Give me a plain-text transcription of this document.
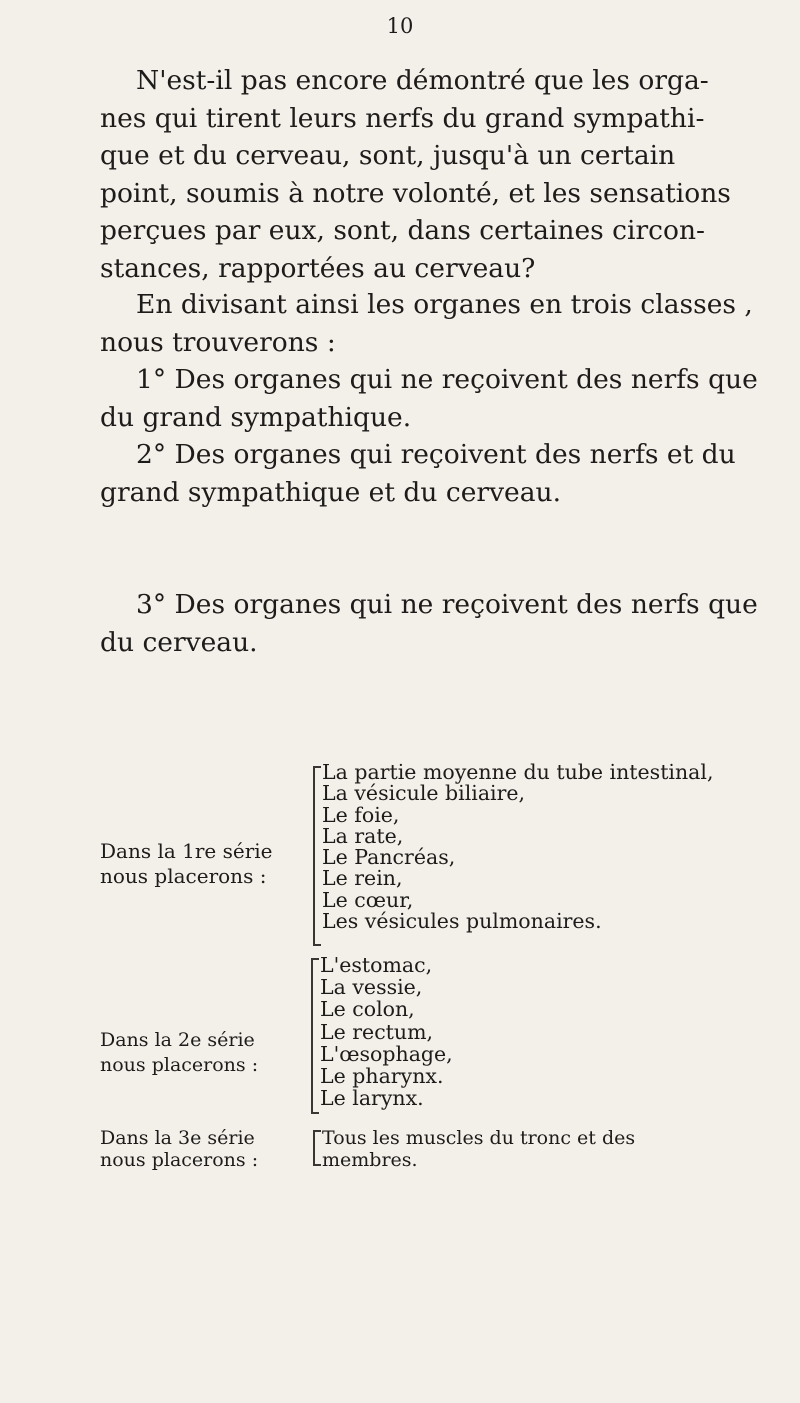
10
N'est-il pas encore démontré que les orga-
nes qui tirent leurs nerfs du grand sympathi-
que et du cerveau, sont, jusqu'à un certain
point, soumis à notre volonté, et les sensations
perçues par eux, sont, dans certaines circon-
stances, rapportées au cerveau?
En divisant ainsi les organes en trois classes ,
nous trouverons :
1° Des organes qui ne reçoivent des nerfs que
du grand sympathique.
2° Des organes qui reçoivent des nerfs et du
grand sympathique et du cerveau.
3° Des organes qui ne reçoivent des nerfs que
du cerveau.
Dans la 1re série
nous placerons :
La partie moyenne du tube intestinal,
La vésicule biliaire,
Le foie,
La rate,
Le Pancréas,
Le rein,
Le cœur,
Les vésicules pulmonaires.
Dans la 2e série
nous placerons :
L'estomac,
La vessie,
Le colon,
Le rectum,
L'œsophage,
Le pharynx.
Le larynx.
Dans la 3e série
nous placerons :
Tous les muscles du tronc et des
membres.
